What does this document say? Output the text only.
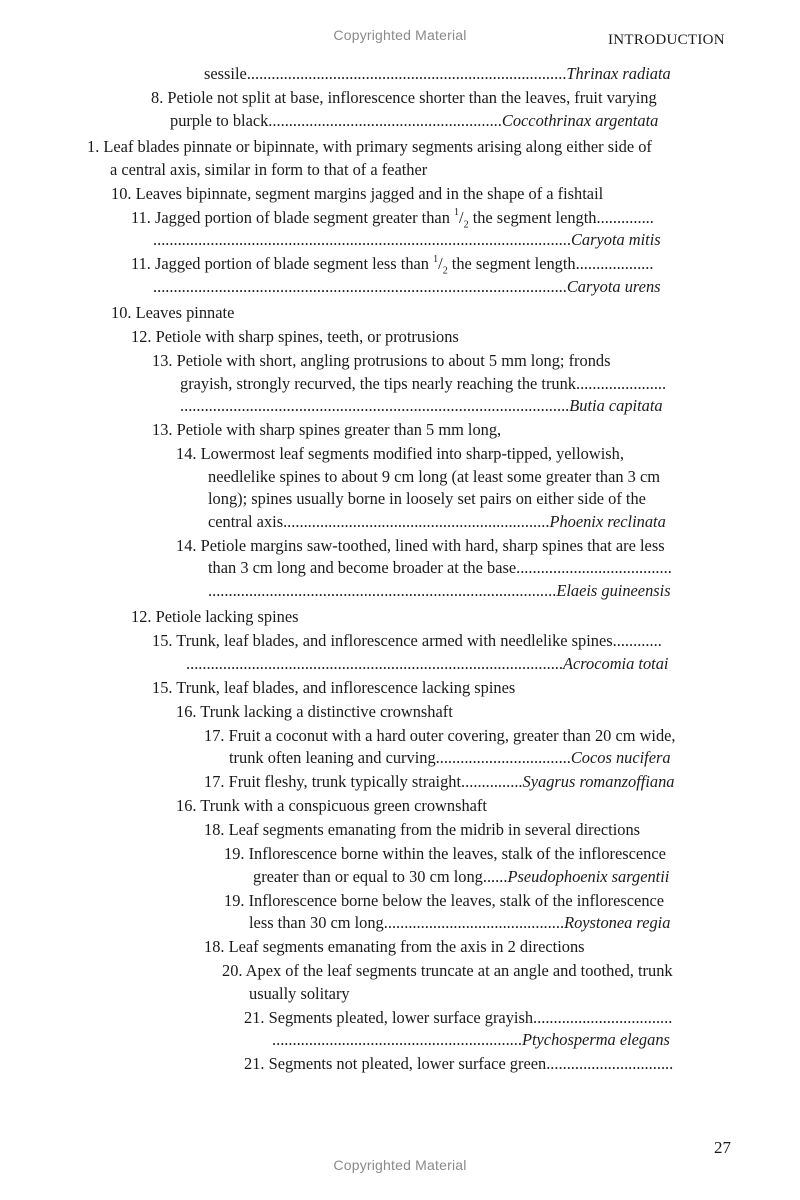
Copyrighted Material	INTRODUCTION
sessile..............................................................................Thrinax radiata
8. Petiole not split at base, inflorescence shorter than the leaves, fruit varying
purple to black.........................................................Coccothrinax argentata
1. Leaf blades pinnate or bipinnate, with primary segments arising along either side of
a central axis, similar in form to that of a feather
10. Leaves bipinnate, segment margins jagged and in the shape of a fishtail
11. Jagged portion of blade segment greater than $^1/_2$ the segment length..............
......................................................................................................Caryota mitis
11. Jagged portion of blade segment less than $^1/_2$ the segment length...................
.....................................................................................................Caryota urens
10. Leaves pinnate
12. Petiole with sharp spines, teeth, or protrusions
13. Petiole with short, angling protrusions to about 5 mm long; fronds
grayish, strongly recurved, the tips nearly reaching the trunk......................
...............................................................................................Butia capitata
13. Petiole with sharp spines greater than 5 mm long,
14. Lowermost leaf segments modified into sharp-tipped, yellowish,
needlelike spines to about 9 cm long (at least some greater than 3 cm
long); spines usually borne in loosely set pairs on either side of the
central axis.................................................................Phoenix reclinata
14. Petiole margins saw-toothed, lined with hard, sharp spines that are less
than 3 cm long and become broader at the base......................................
.....................................................................................Elaeis guineensis
12. Petiole lacking spines
15. Trunk, leaf blades, and inflorescence armed with needlelike spines............
............................................................................................Acrocomia totai
15. Trunk, leaf blades, and inflorescence lacking spines
16. Trunk lacking a distinctive crownshaft
17. Fruit a coconut with a hard outer covering, greater than 20 cm wide,
trunk often leaning and curving.................................Cocos nucifera
17. Fruit fleshy, trunk typically straight...............Syagrus romanzoffiana
16. Trunk with a conspicuous green crownshaft
18. Leaf segments emanating from the midrib in several directions
19. Inflorescence borne within the leaves, stalk of the inflorescence
greater than or equal to 30 cm long......Pseudophoenix sargentii
19. Inflorescence borne below the leaves, stalk of the inflorescence
less than 30 cm long............................................Roystonea regia
18. Leaf segments emanating from the axis in 2 directions
20. Apex of the leaf segments truncate at an angle and toothed, trunk
usually solitary
21. Segments pleated, lower surface grayish..................................
.............................................................Ptychosperma elegans
21. Segments not pleated, lower surface green...............................
27
Copyrighted Material
